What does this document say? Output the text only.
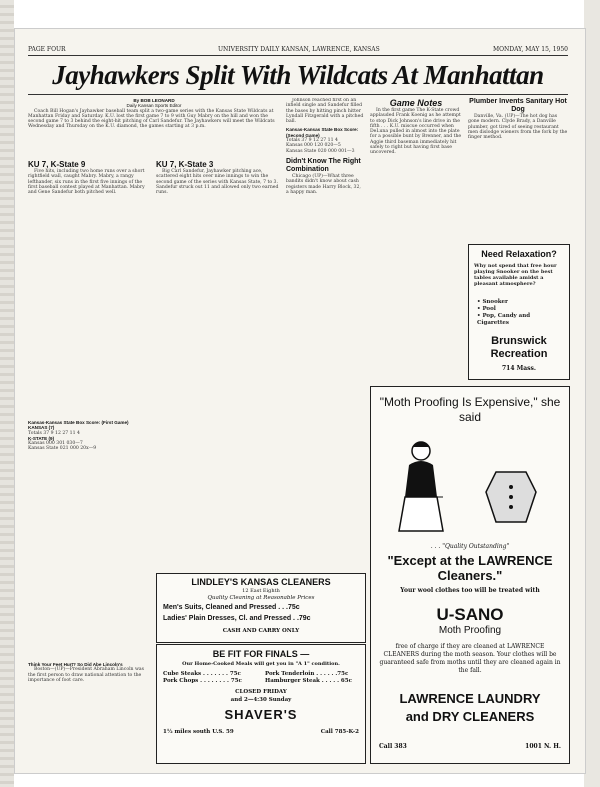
PAGE FOUR	UNIVERSITY DAILY KANSAN, LAWRENCE, KANSAS	MONDAY, MAY 15, 1950
Jayhawkers Split With Wildcats At Manhattan
By BOB LEONARD
Daily Kansan Sports Editor

Coach Bill Hogan's Jayhawker baseball team split a two-game series with the Kansas State Wildcats at Manhattan Friday and Saturday. K.U. lost the first game 7 to 9 with Guy Mabry on the hill and won the second game 7 to 3 behind the eight-hit pitching of Carl Sandefur. The Jayhawkers will meet the Wildcats Wednesday and Thursday on the K.U. diamond, the games starting at 3 p.m.

KU 7, K-State 9

Five hits, including two home runs over a short rightfield wall, caught Mabry. Mabry, a rangy lefthander, six runs in the first five innings of the first baseball contest played at Manhattan. Mabry and Gene Sandefur both pitched well.

Kansas-Kansas State Box Score: (First Game)
KANSAS (7)
Totals 37 9 12 27 11 4
K-STATE (9)
Kansas 000 301 030—7
Kansas State 021 000 20x—9
Think Your Feet Hurt? So Did Abe Lincoln's

Boston—(UP)—President Abraham Lincoln was the first person to draw national attention to the importance of foot care.

KU 7, K-State 3

Big Carl Sandefur, Jayhawker pitching ace, scattered eight hits over nine innings to win the second game of the series with Kansas State, 7 to 3. Sandefur struck out 11 and allowed only two earned runs.

Johnson reached first on an infield single and Sandefur filled the bases by hitting pinch hitter Lyndall Fitzgerald with a pitched ball.

Kansas-Kansas State Box Score: (Second Game)
Totals 37 9 12 27 11 4
Kansas 000 120 020—5
Kansas State 020 000 001—3
Didn't Know The Right Combination

Chicago (UP)—What three bandits didn't know about cash registers made Harry Block, 32, a happy man.

Game Notes

In the first game The K-State crowd applauded Frank Koenig as he attempt to stop Dick Johnson's line drive in the fifth . . . K.U. miscue occurred when DeLuna pulled in almost into the plate for a possible bunt by Brenner, and the Aggie third baseman immediately hit safely to right but having first base uncovered.

Plumber Invents Sanitary Hot Dog

Danville, Va. (UP)—The hot dog has gone modern. Clyde Brady, a Danville plumber, got tired of seeing restaurant men dislodge wieners from the fork by the finger method.

Need Relaxation?
Why not spend that free hour playing Snooker on the best tables available amidst a pleasant atmosphere?
• Snooker
• Pool
• Pop, Candy and Cigarettes
Brunswick Recreation
714 Mass.
LINDLEY'S KANSAS CLEANERS
12 East Eighth
Quality Cleaning at Reasonable Prices
Men's Suits, Cleaned and Pressed . . .75c
Ladies' Plain Dresses, Cl. and Pressed . .79c
CASH AND CARRY ONLY
BE FIT FOR FINALS —
Our Home-Cooked Meals will get you in "A 1" condition.
Cube Steaks . . . . . . . 75c
Pork Chops . . . . . . . . 75c
Pork Tenderloin . . . . . .75c
Hamburger Steak . . . . . 65c
CLOSED FRIDAY
and 2—4:30 Sunday
SHAVER'S
1½ miles south U.S. 59	Call 785-K-2
"Moth Proofing Is Expensive," she said
. . . "Quality Outstanding"
"Except at the LAWRENCE Cleaners."
Your wool clothes too will be treated with
U-SANO
Moth Proofing
free of charge if they are cleaned at LAWRENCE CLEANERS during the moth season. Your clothes will be guaranteed safe from moths until they are cleaned again in the fall.
LAWRENCE LAUNDRY
and DRY CLEANERS
Call 383	1001 N. H.
